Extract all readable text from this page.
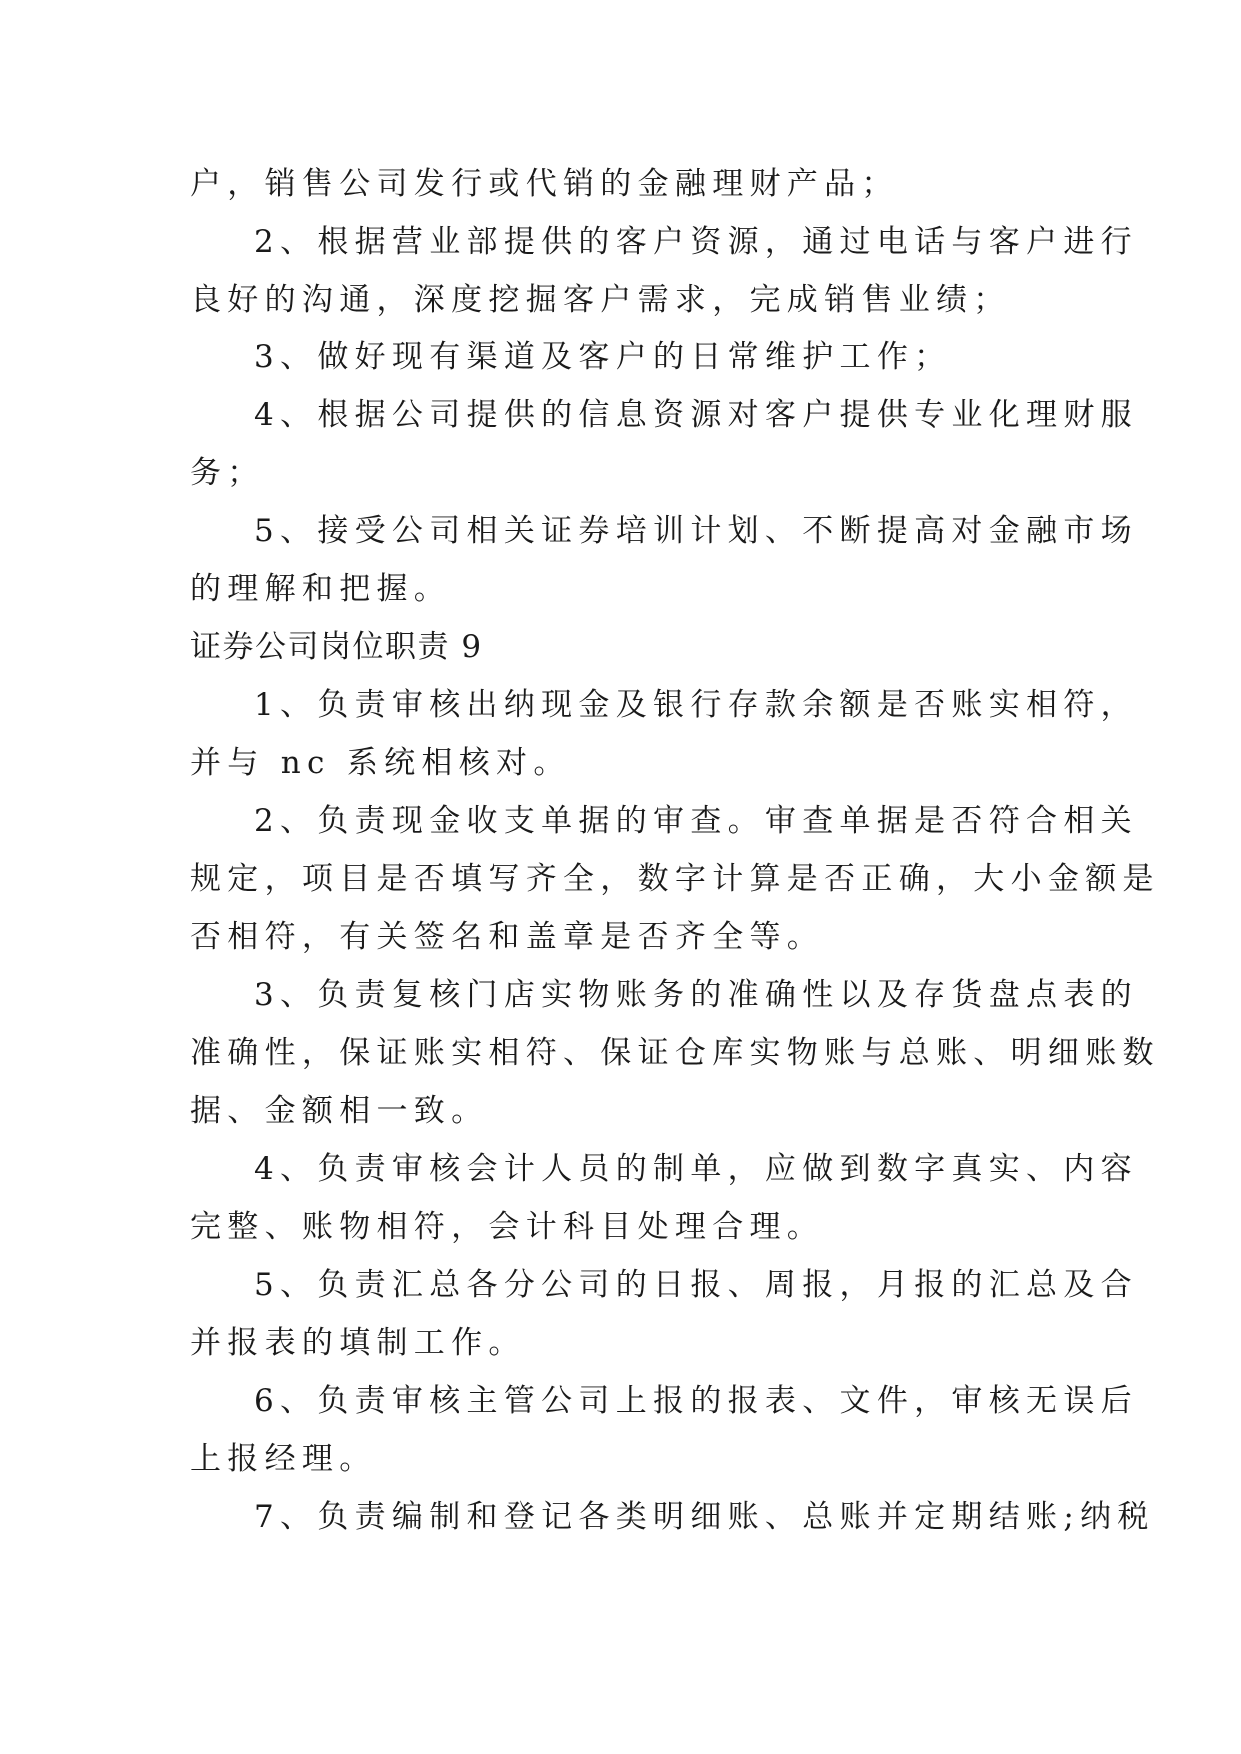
户，销售公司发行或代销的金融理财产品；
2、根据营业部提供的客户资源，通过电话与客户进行
良好的沟通，深度挖掘客户需求，完成销售业绩；
3、做好现有渠道及客户的日常维护工作；
4、根据公司提供的信息资源对客户提供专业化理财服
务；
5、接受公司相关证券培训计划、不断提高对金融市场
的理解和把握。
证券公司岗位职责 9
1、负责审核出纳现金及银行存款余额是否账实相符，
并与 nc 系统相核对。
2、负责现金收支单据的审查。审查单据是否符合相关
规定，项目是否填写齐全，数字计算是否正确，大小金额是
否相符，有关签名和盖章是否齐全等。
3、负责复核门店实物账务的准确性以及存货盘点表的
准确性，保证账实相符、保证仓库实物账与总账、明细账数
据、金额相一致。
4、负责审核会计人员的制单，应做到数字真实、内容
完整、账物相符，会计科目处理合理。
5、负责汇总各分公司的日报、周报，月报的汇总及合
并报表的填制工作。
6、负责审核主管公司上报的报表、文件，审核无误后
上报经理。
7、负责编制和登记各类明细账、总账并定期结账;纳税
